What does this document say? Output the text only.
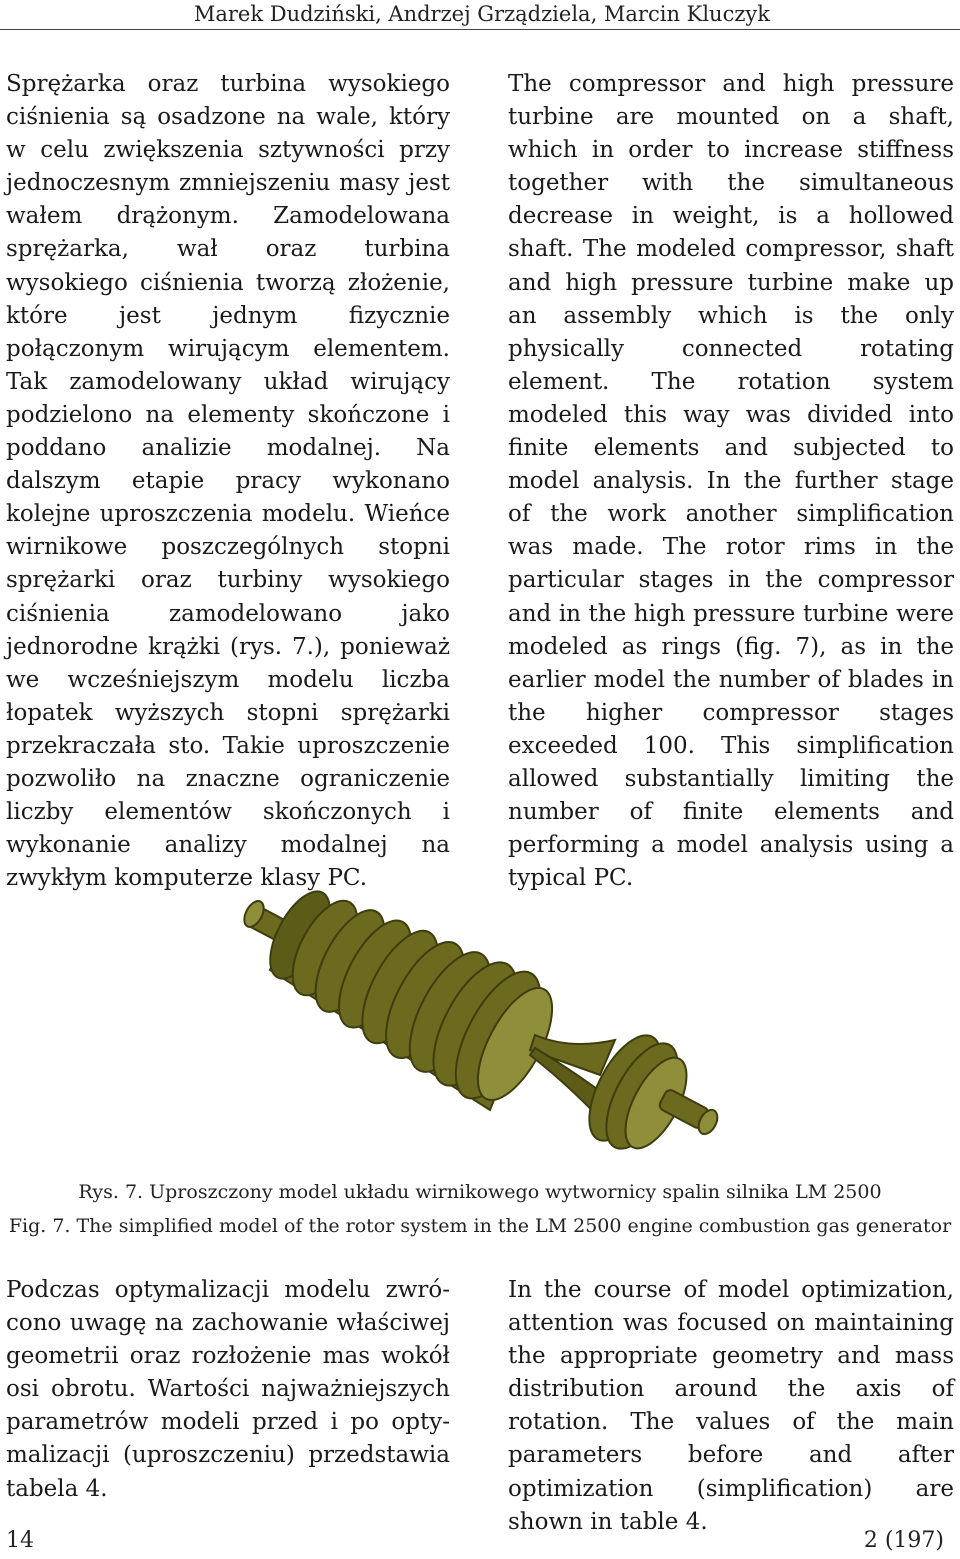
Marek Dudziński, Andrzej Grządziela, Marcin Kluczyk
Sprężarka oraz turbina wysokiego ciśnienia są osadzone na wale, który w celu zwiększenia sztywności przy jednoczesnym zmniejszeniu masy jest wałem drążonym. Zamodelowana sprężarka, wał oraz turbina wysokiego ciśnienia tworzą złożenie, które jest jednym fizycznie połączonym wirującym elementem. Tak zamodelowany układ wirujący podzielono na elementy skończone i poddano analizie modalnej. Na dalszym etapie pracy wykonano kolejne uproszczenia modelu. Wieńce wirnikowe poszczególnych stopni sprężarki oraz turbiny wysokiego ciśnienia zamodelowano jako jednorodne krążki (rys. 7.), ponieważ we wcześniejszym modelu liczba łopatek wyższych stopni sprężarki przekraczała sto. Takie uproszczenie pozwoliło na znaczne ograniczenie liczby elementów skończonych i wykonanie analizy modalnej na zwykłym komputerze klasy PC.
The compressor and high pressure turbine are mounted on a shaft, which in order to increase stiffness together with the simultaneous decrease in weight, is a hollowed shaft. The modeled compressor, shaft and high pressure turbine make up an assembly which is the only physically connected rotating element. The rotation system modeled this way was divided into finite elements and subjected to model analysis. In the further stage of the work another simplification was made. The rotor rims in the particular stages in the compressor and in the high pressure turbine were modeled as rings (fig. 7), as in the earlier model the number of blades in the higher compressor stages exceeded 100. This simplification allowed substantially limiting the number of finite elements and performing a model analysis using a typical PC.
Rys. 7. Uproszczony model układu wirnikowego wytwornicy spalin silnika LM 2500
Fig. 7. The simplified model of the rotor system in the LM 2500 engine combustion gas generator
Podczas optymalizacji modelu zwrócono uwagę na zachowanie właściwej geometrii oraz rozłożenie mas wokół osi obrotu. Wartości najważniejszych parametrów modeli przed i po optymalizacji (uproszczeniu) przedstawia tabela 4.
In the course of model optimization, attention was focused on maintaining the appropriate geometry and mass distribution around the axis of rotation. The values of the main parameters before and after optimization (simplification) are shown in table 4.
14	2 (197)
